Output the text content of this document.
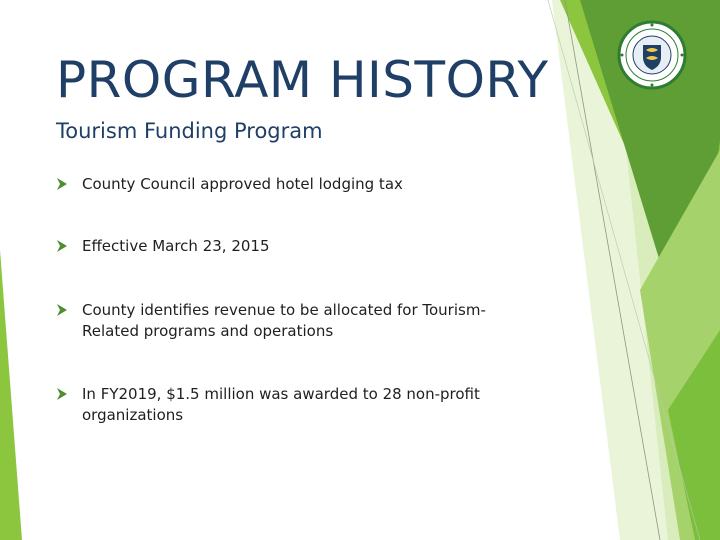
PROGRAM HISTORY
Tourism Funding Program
County Council approved hotel lodging tax
Effective March 23, 2015
County identifies revenue to be allocated for Tourism-Related programs and operations
In FY2019, $1.5 million was awarded to 28 non-profit organizations
